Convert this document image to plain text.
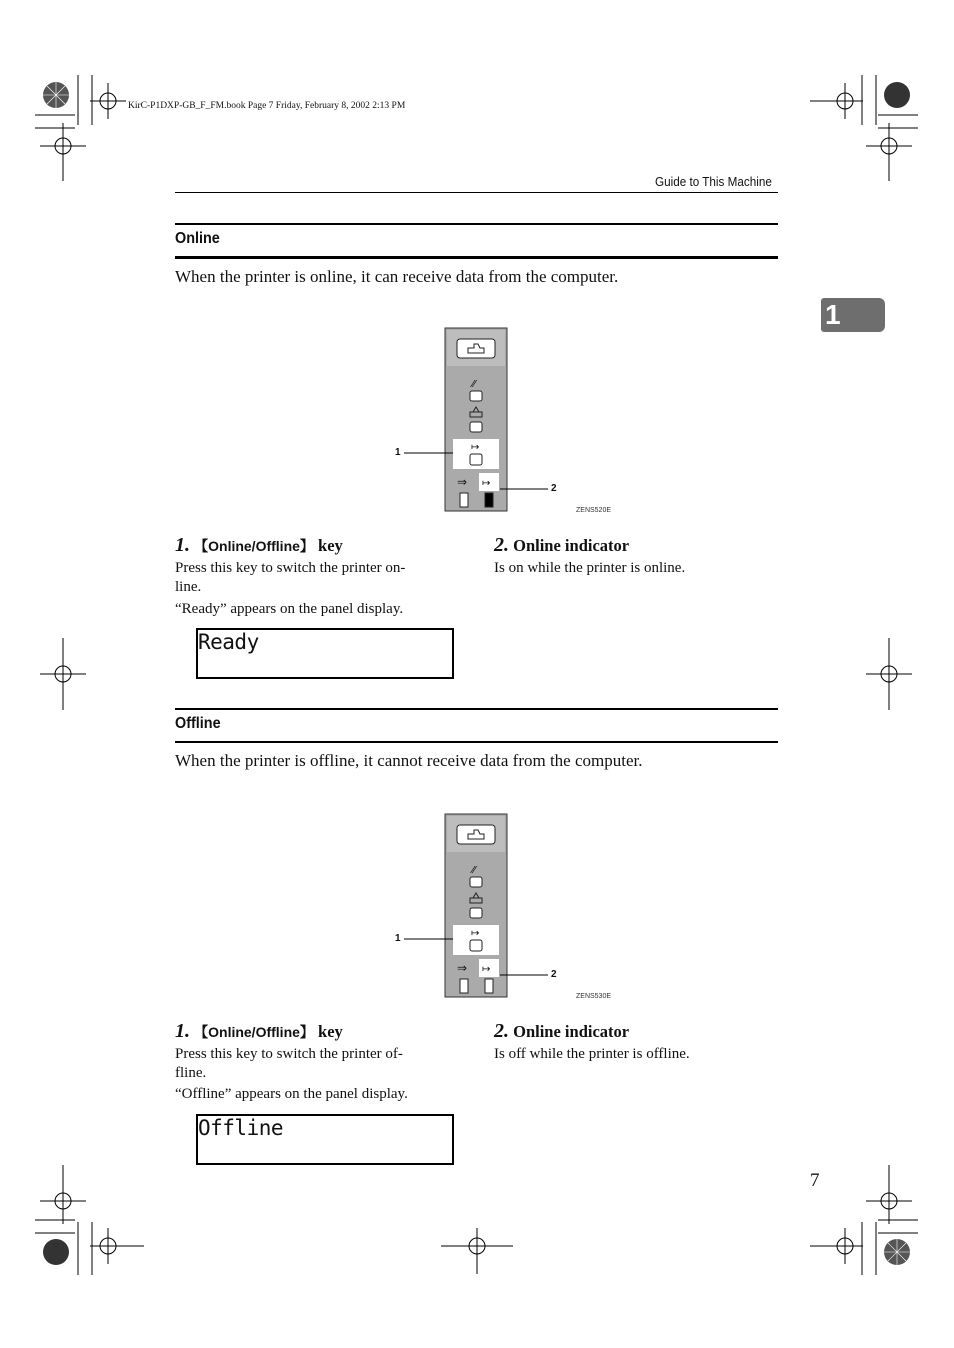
KirC-P1DXP-GB_F_FM.book Page 7 Friday, February 8, 2002 2:13 PM
Guide to This Machine
1
Online
When the printer is online, it can receive data from the computer.
⁄⁄
↦
⇒ ↦
1
2
ZENS520E
1. 【Online/Offline】 key
Press this key to switch the printer on-
line.
“Ready” appears on the panel display.
Ready
2. Online indicator
Is on while the printer is online.
Offline
When the printer is offline, it cannot receive data from the computer.
⁄⁄
↦
⇒ ↦
1
2
ZENS530E
1. 【Online/Offline】 key
Press this key to switch the printer of-
fline.
“Offline” appears on the panel display.
Offline
2. Online indicator
Is off while the printer is offline.
7
